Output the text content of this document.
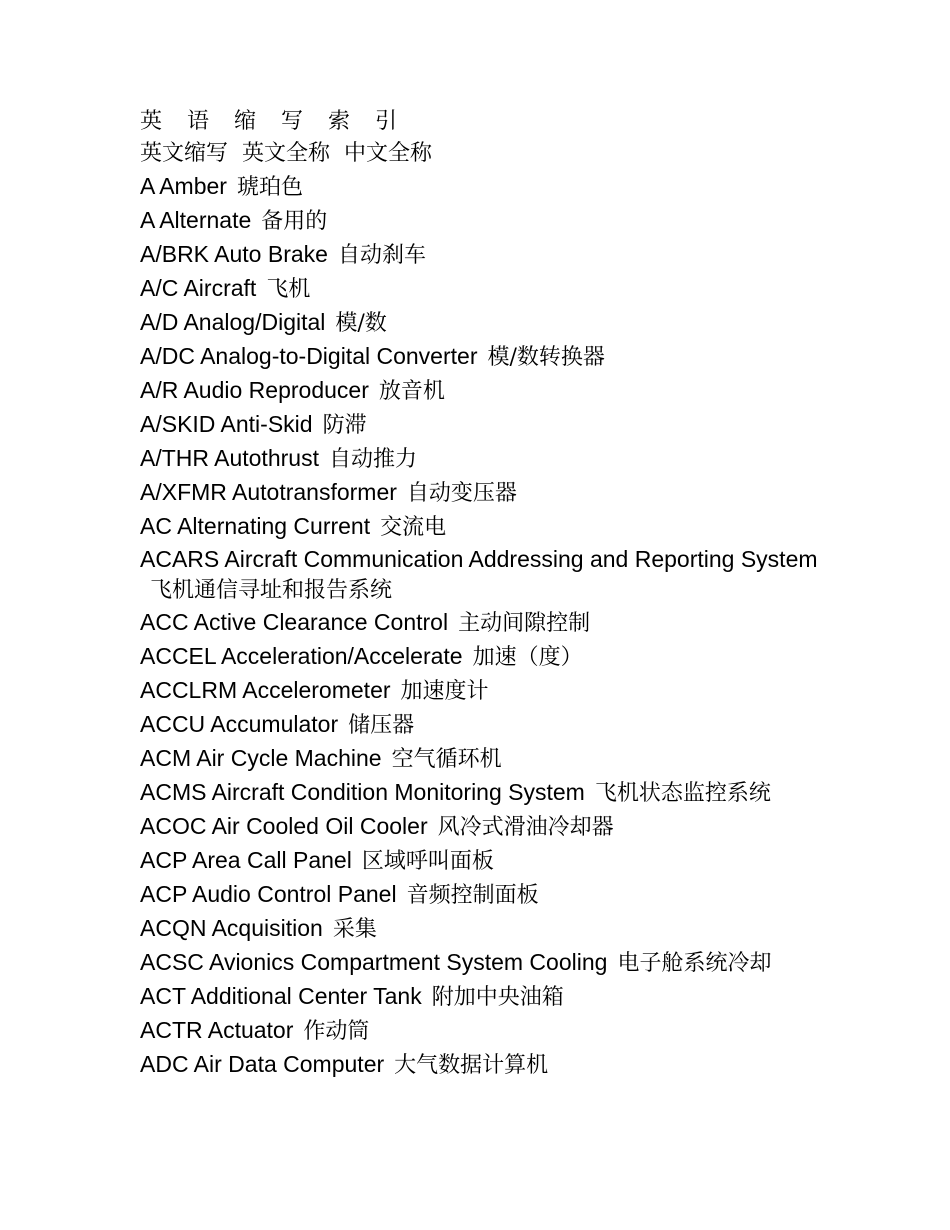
英 语 缩 写 索 引

英文缩写 英文全称 中文全称

A Amber 琥珀色

A Alternate 备用的

A/BRK Auto Brake 自动刹车

A/C Aircraft 飞机

A/D Analog/Digital 模/数

A/DC Analog-to-Digital Converter 模/数转换器

A/R Audio Reproducer 放音机

A/SKID Anti-Skid 防滞

A/THR Autothrust 自动推力

A/XFMR Autotransformer 自动变压器

AC Alternating Current 交流电

ACARS Aircraft Communication Addressing and Reporting System飞机通信寻址和报告系统

ACC Active Clearance Control 主动间隙控制

ACCEL Acceleration/Accelerate 加速（度）

ACCLRM Accelerometer 加速度计

ACCU Accumulator 储压器

ACM Air Cycle Machine 空气循环机

ACMS Aircraft Condition Monitoring System 飞机状态监控系统

ACOC Air Cooled Oil Cooler 风冷式滑油冷却器

ACP Area Call Panel 区域呼叫面板

ACP Audio Control Panel 音频控制面板

ACQN Acquisition 采集

ACSC Avionics Compartment System Cooling 电子舱系统冷却

ACT Additional Center Tank 附加中央油箱

ACTR Actuator 作动筒

ADC Air Data Computer 大气数据计算机
